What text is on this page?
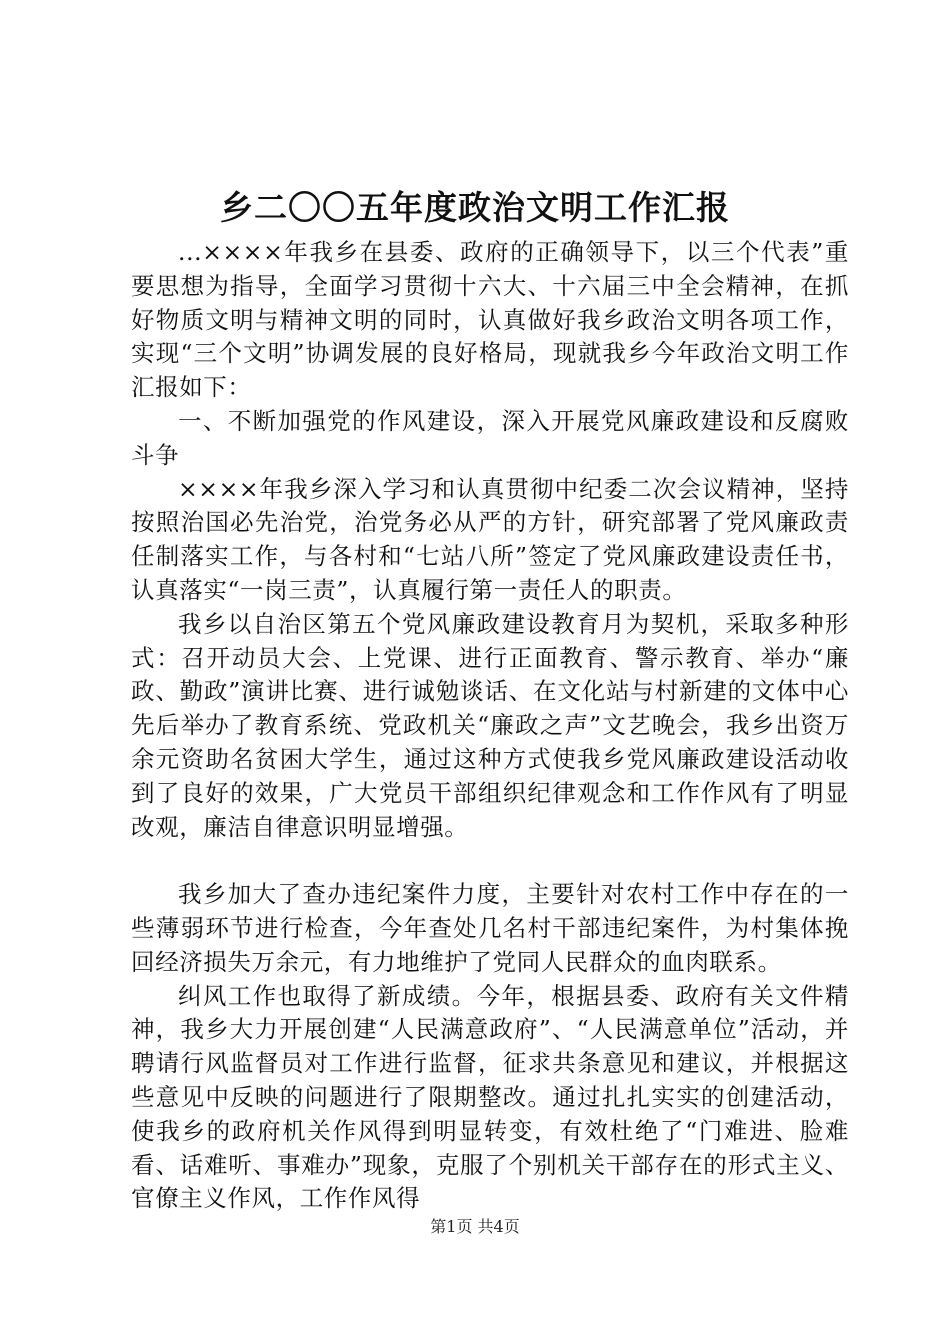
乡二〇〇五年度政治文明工作汇报

...××××年我乡在县委、政府的正确领导下，以三个代表”重要思想为指导，全面学习贯彻十六大、十六届三中全会精神，在抓好物质文明与精神文明的同时，认真做好我乡政治文明各项工作，实现“三个文明”协调发展的良好格局，现就我乡今年政治文明工作汇报如下：

一、不断加强党的作风建设，深入开展党风廉政建设和反腐败斗争

××××年我乡深入学习和认真贯彻中纪委二次会议精神，坚持按照治国必先治党，治党务必从严的方针，研究部署了党风廉政责任制落实工作，与各村和“七站八所”签定了党风廉政建设责任书，认真落实“一岗三责”，认真履行第一责任人的职责。

我乡以自治区第五个党风廉政建设教育月为契机，采取多种形式：召开动员大会、上党课、进行正面教育、警示教育、举办“廉政、勤政”演讲比赛、进行诚勉谈话、在文化站与村新建的文体中心先后举办了教育系统、党政机关“廉政之声”文艺晚会，我乡出资万余元资助名贫困大学生，通过这种方式使我乡党风廉政建设活动收到了良好的效果，广大党员干部组织纪律观念和工作作风有了明显改观，廉洁自律意识明显增强。

我乡加大了查办违纪案件力度，主要针对农村工作中存在的一些薄弱环节进行检查，今年查处几名村干部违纪案件，为村集体挽回经济损失万余元，有力地维护了党同人民群众的血肉联系。

纠风工作也取得了新成绩。今年，根据县委、政府有关文件精神，我乡大力开展创建“人民满意政府”、“人民满意单位”活动，并聘请行风监督员对工作进行监督，征求共条意见和建议，并根据这些意见中反映的问题进行了限期整改。通过扎扎实实的创建活动，使我乡的政府机关作风得到明显转变，有效杜绝了“门难进、脸难看、话难听、事难办”现象，克服了个别机关干部存在的形式主义、官僚主义作风，工作作风得

第1页 共4页
